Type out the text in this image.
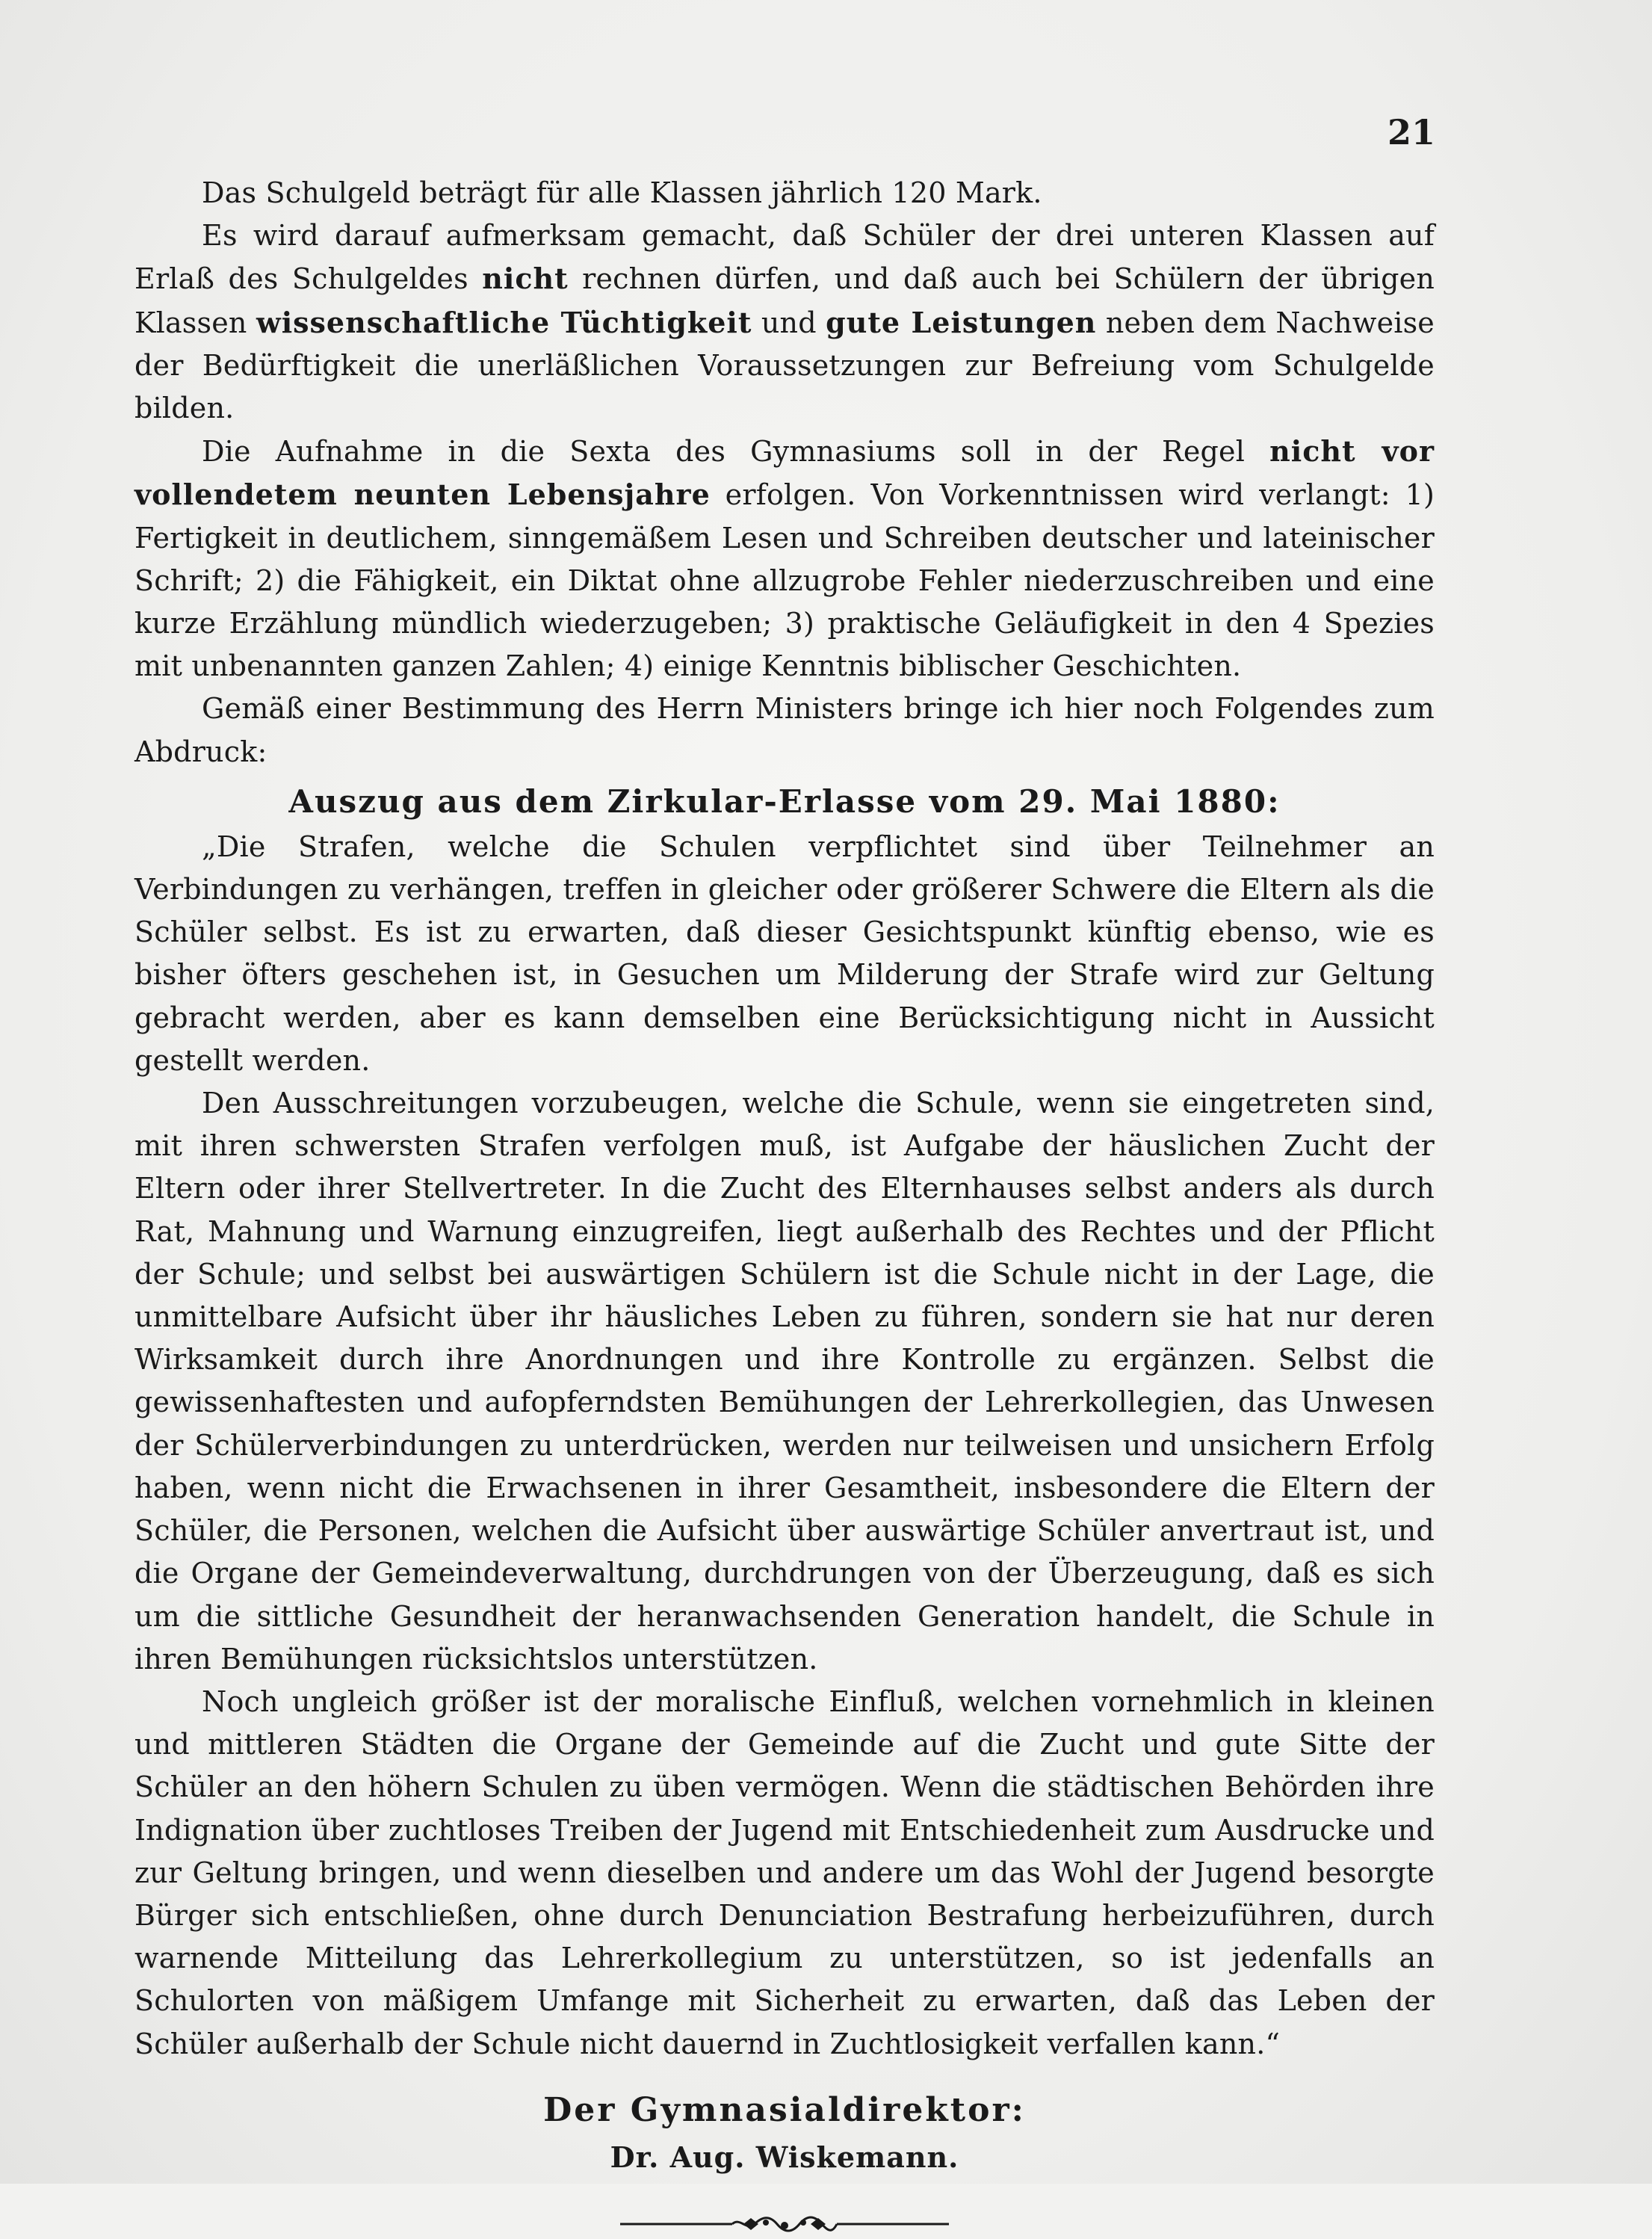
21

Das Schulgeld beträgt für alle Klassen jährlich 120 Mark.

Es wird darauf aufmerksam gemacht, daß Schüler der drei unteren Klassen auf Erlaß des Schulgeldes nicht rechnen dürfen, und daß auch bei Schülern der übrigen Klassen wissenschaftliche Tüchtigkeit und gute Leistungen neben dem Nachweise der Bedürftigkeit die unerläßlichen Voraussetzungen zur Befreiung vom Schulgelde bilden.

Die Aufnahme in die Sexta des Gymnasiums soll in der Regel nicht vor vollendetem neunten Lebensjahre erfolgen. Von Vorkenntnissen wird verlangt: 1) Fertigkeit in deutlichem, sinngemäßem Lesen und Schreiben deutscher und lateinischer Schrift; 2) die Fähigkeit, ein Diktat ohne allzugrobe Fehler niederzuschreiben und eine kurze Erzählung mündlich wiederzugeben; 3) praktische Geläufigkeit in den 4 Spezies mit unbenannten ganzen Zahlen; 4) einige Kenntnis biblischer Geschichten.

Gemäß einer Bestimmung des Herrn Ministers bringe ich hier noch Folgendes zum Abdruck:

Auszug aus dem Zirkular-Erlasse vom 29. Mai 1880:

„Die Strafen, welche die Schulen verpflichtet sind über Teilnehmer an Verbindungen zu verhängen, treffen in gleicher oder größerer Schwere die Eltern als die Schüler selbst. Es ist zu erwarten, daß dieser Gesichtspunkt künftig ebenso, wie es bisher öfters geschehen ist, in Gesuchen um Milderung der Strafe wird zur Geltung gebracht werden, aber es kann demselben eine Berücksichtigung nicht in Aussicht gestellt werden.

Den Ausschreitungen vorzubeugen, welche die Schule, wenn sie eingetreten sind, mit ihren schwersten Strafen verfolgen muß, ist Aufgabe der häuslichen Zucht der Eltern oder ihrer Stellvertreter. In die Zucht des Elternhauses selbst anders als durch Rat, Mahnung und Warnung einzugreifen, liegt außerhalb des Rechtes und der Pflicht der Schule; und selbst bei auswärtigen Schülern ist die Schule nicht in der Lage, die unmittelbare Aufsicht über ihr häusliches Leben zu führen, sondern sie hat nur deren Wirksamkeit durch ihre Anordnungen und ihre Kontrolle zu ergänzen. Selbst die gewissenhaftesten und aufopferndsten Bemühungen der Lehrerkollegien, das Unwesen der Schülerverbindungen zu unterdrücken, werden nur teilweisen und unsichern Erfolg haben, wenn nicht die Erwachsenen in ihrer Gesamtheit, insbesondere die Eltern der Schüler, die Personen, welchen die Aufsicht über auswärtige Schüler anvertraut ist, und die Organe der Gemeindeverwaltung, durchdrungen von der Überzeugung, daß es sich um die sittliche Gesundheit der heranwachsenden Generation handelt, die Schule in ihren Bemühungen rücksichtslos unterstützen.

Noch ungleich größer ist der moralische Einfluß, welchen vornehmlich in kleinen und mittleren Städten die Organe der Gemeinde auf die Zucht und gute Sitte der Schüler an den höhern Schulen zu üben vermögen. Wenn die städtischen Behörden ihre Indignation über zuchtloses Treiben der Jugend mit Entschiedenheit zum Ausdrucke und zur Geltung bringen, und wenn dieselben und andere um das Wohl der Jugend besorgte Bürger sich entschließen, ohne durch Denunciation Bestrafung herbeizuführen, durch warnende Mitteilung das Lehrerkollegium zu unterstützen, so ist jedenfalls an Schulorten von mäßigem Umfange mit Sicherheit zu erwarten, daß das Leben der Schüler außerhalb der Schule nicht dauernd in Zuchtlosigkeit verfallen kann.“

Der Gymnasialdirektor:
Dr. Aug. Wiskemann.
